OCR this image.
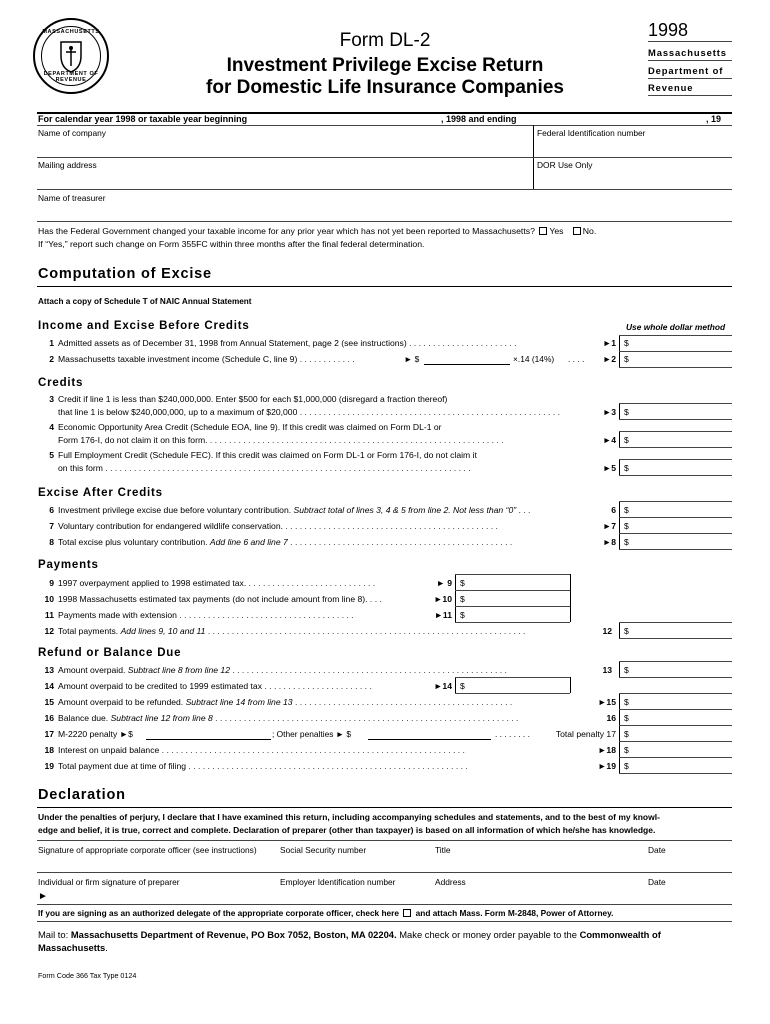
MASSACHUSETTS
DEPARTMENT OF REVENUE
Form DL-2
Investment Privilege Excise Return
for Domestic Life Insurance Companies
1998
Massachusetts
Department of
Revenue
For calendar year 1998 or taxable year beginning	, 1998 and ending	, 19
Name of company	Federal Identification number
Mailing address	DOR Use Only
Name of treasurer
Has the Federal Government changed your taxable income for any prior year which has not yet been reported to Massachusetts? Yes No.
If “Yes,” report such change on Form 355FC within three months after the final federal determination.
Computation of Excise
Attach a copy of Schedule T of NAIC Annual Statement
Income and Excise Before Credits	Use whole dollar method
1 Admitted assets as of December 31, 1998 from Annual Statement, page 2 (see instructions) . . . . . . . . . . . . . . . . . . . . . . .	►1 $
2 Massachusetts taxable investment income (Schedule C, line 9) . . . . . . . . . . . .	► $	×.14 (14%) . . . .	►2 $
Credits
3 Credit if line 1 is less than $240,000,000. Enter $500 for each $1,000,000 (disregard a fraction thereof)
that line 1 is below $240,000,000, up to a maximum of $20,000 . . . . . . . . . . . . . . . . . . . . . . . . . . . . . . . . . . . . . . . . . . . . . . . . . . . . . . .	►3 $
4 Economic Opportunity Area Credit (Schedule EOA, line 9). If this credit was claimed on Form DL-1 or
Form 176-I, do not claim it on this form. . . . . . . . . . . . . . . . . . . . . . . . . . . . . . . . . . . . . . . . . . . . . . . . . . . . . . . . . . . . . . .	►4 $
5 Full Employment Credit (Schedule FEC). If this credit was claimed on Form DL-1 or Form 176-I, do not claim it
on this form . . . . . . . . . . . . . . . . . . . . . . . . . . . . . . . . . . . . . . . . . . . . . . . . . . . . . . . . . . . . . . . . . . . . . . . . . . . . .	►5 $
Excise After Credits
6 Investment privilege excise due before voluntary contribution. Subtract total of lines 3, 4 & 5 from line 2. Not less than “0” . . .	6 $
7 Voluntary contribution for endangered wildlife conservation. . . . . . . . . . . . . . . . . . . . . . . . . . . . . . . . . . . . . . . . . . . . . .	►7 $
8 Total excise plus voluntary contribution. Add line 6 and line 7 . . . . . . . . . . . . . . . . . . . . . . . . . . . . . . . . . . . . . . . . . . . . . . .	►8 $
Payments
9 1997 overpayment applied to 1998 estimated tax. . . . . . . . . . . . . . . . . . . . . . . . . . . .	► 9 $
10 1998 Massachusetts estimated tax payments (do not include amount from line 8). . . .	►10 $
11 Payments made with extension . . . . . . . . . . . . . . . . . . . . . . . . . . . . . . . . . . . . .	►11 $
12 Total payments. Add lines 9, 10 and 11 . . . . . . . . . . . . . . . . . . . . . . . . . . . . . . . . . . . . . . . . . . . . . . . . . . . . . . . . . . . . . . . . . . .	12 $
Refund or Balance Due
13 Amount overpaid. Subtract line 8 from line 12 . . . . . . . . . . . . . . . . . . . . . . . . . . . . . . . . . . . . . . . . . . . . . . . . . . . . . . . . . .	13 $
14 Amount overpaid to be credited to 1999 estimated tax . . . . . . . . . . . . . . . . . . . . . . .	►14 $
15 Amount overpaid to be refunded. Subtract line 14 from line 13 . . . . . . . . . . . . . . . . . . . . . . . . . . . . . . . . . . . . . . . . . . . . . .	►15 $
16 Balance due. Subtract line 12 from line 8 . . . . . . . . . . . . . . . . . . . . . . . . . . . . . . . . . . . . . . . . . . . . . . . . . . . . . . . . . . . . . . . .	16 $
17 M-2220 penalty ►$	; Other penalties ► $	. . . . . . . .	Total penalty 17 $
18 Interest on unpaid balance . . . . . . . . . . . . . . . . . . . . . . . . . . . . . . . . . . . . . . . . . . . . . . . . . . . . . . . . . . . . . . . .	►18 $
19 Total payment due at time of filing . . . . . . . . . . . . . . . . . . . . . . . . . . . . . . . . . . . . . . . . . . . . . . . . . . . . . . . . . . .	►19 $
Declaration
Under the penalties of perjury, I declare that I have examined this return, including accompanying schedules and statements, and to the best of my knowl-
edge and belief, it is true, correct and complete. Declaration of preparer (other than taxpayer) is based on all information of which he/she has knowledge.
Signature of appropriate corporate officer (see instructions)	Social Security number	Title	Date
Individual or firm signature of preparer	Employer Identification number	Address	Date
►
If you are signing as an authorized delegate of the appropriate corporate officer, check here and attach Mass. Form M-2848, Power of Attorney.
Mail to: Massachusetts Department of Revenue, PO Box 7052, Boston, MA 02204. Make check or money order payable to the Commonwealth of
Massachusetts.
Form Code 366 Tax Type 0124
